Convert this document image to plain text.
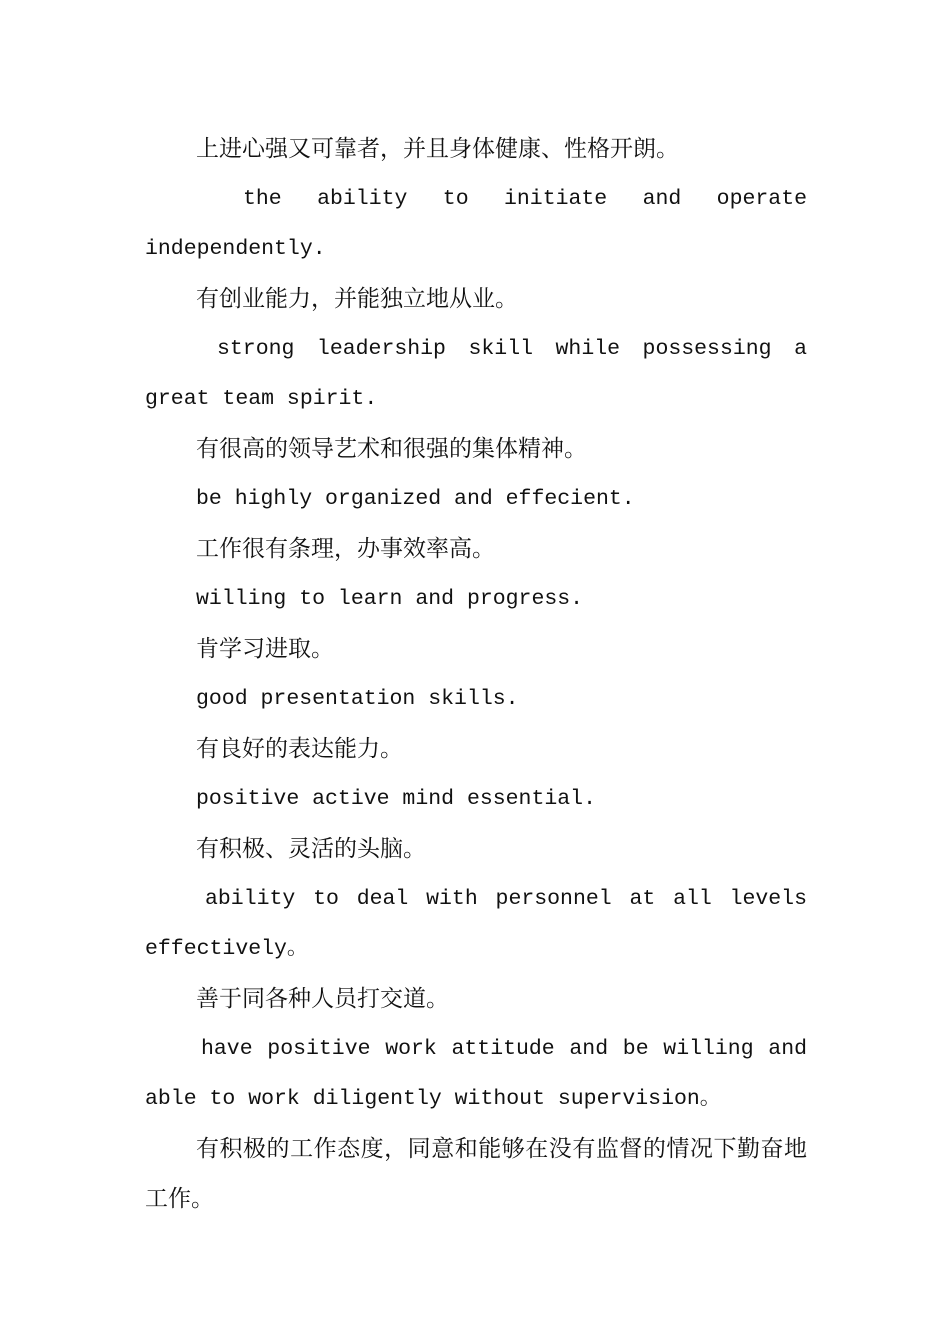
上进心强又可靠者，并且身体健康、性格开朗。

the ability to initiate and operate independently.

有创业能力，并能独立地从业。

strong leadership skill while possessing a great team spirit.

有很高的领导艺术和很强的集体精神。

be highly organized and effecient.

工作很有条理，办事效率高。

willing to learn and progress.

肯学习进取。

good presentation skills.

有良好的表达能力。

positive active mind essential.

有积极、灵活的头脑。

ability to deal with personnel at all levels effectively。

善于同各种人员打交道。

have positive work attitude and be willing and able to work diligently without supervision。

有积极的工作态度，同意和能够在没有监督的情况下勤奋地工作。
